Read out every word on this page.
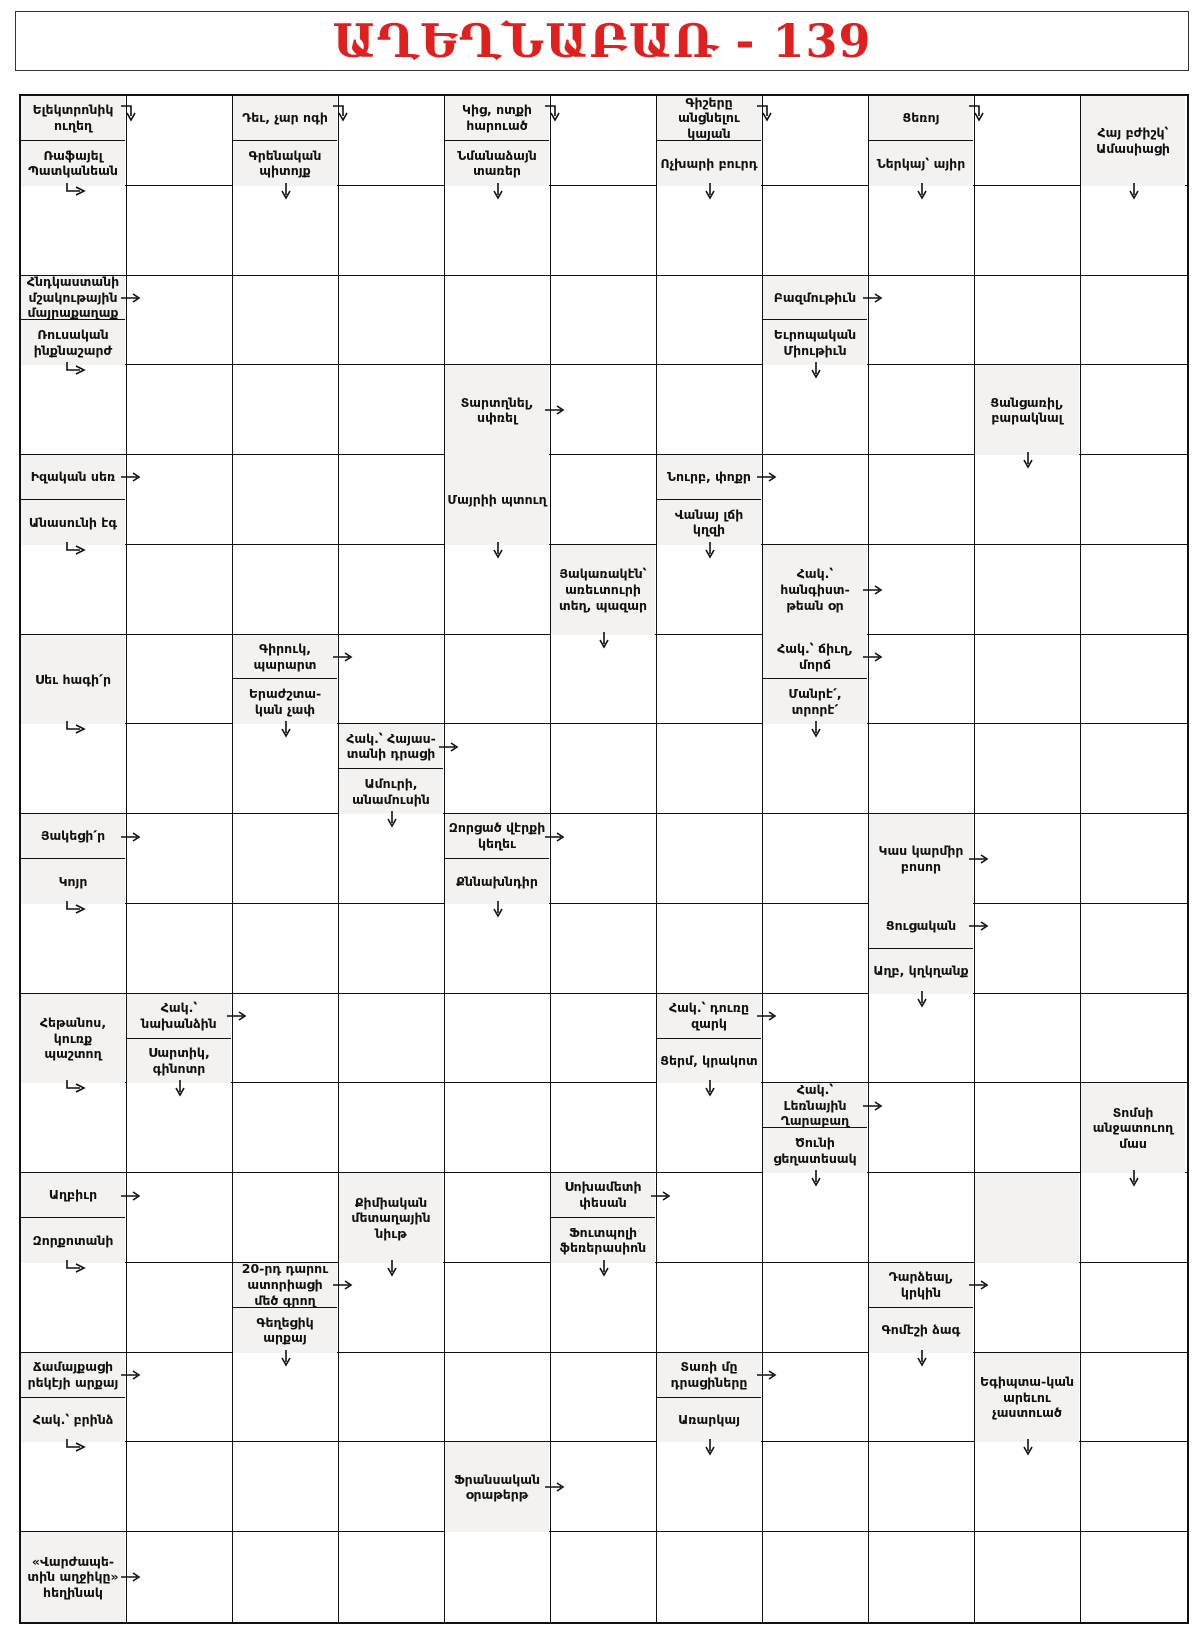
ԱՂԵՂՆԱԲԱՌ - 139
Ելեկտրոնիկ ուղեղ
Ռաֆայել Պատկանեան
Դեւ, չար ոգի
Գրենական պիտոյք
Կից, ոտքի հարուած
Նմանաձայն տառեր
Գիշերը անցնելու կայան
Ոչխարի բուրդ
Ցեռոյ
Ներկայ՝ այիր
Հայ բժիշկ՝ Ամասիացի
Հնդկաստանի մշակութային մայրաքաղաք
Ռուսական ինքնաշարժ
Բազմութիւն
Եւրոպական Միութիւն
Տարտղնել, սփռել
Ցանցառիլ, բարակնալ
Իզական սեռ
Անասունի էգ
Մայրիի պտուղ
Նուրբ, փոքր
Վանայ լճի կղզի
Յակառակէն՝ առեւտուրի տեղ, պազար
Հակ.՝ հանգիստ-թեան օր
Սեւ հագի՛ր
Գիրուկ, պարարտ
Երաժշտա-կան չափ
Հակ.՝ ճիւղ, մորճ
Մանրէ՛, տրորէ՛
Հակ.՝ Հայաս-տանի դրացի
Ամուրի, անամուսին
Յակեցի՛ր
Կոյր
Զորցած վէրքի կեղեւ
Քննախնդիր
Կաս կարմիր բոսոր
Ցուցական
Աղբ, կղկղանք
Հեթանոս, կուռք պաշտող
Հակ.՝ նախանձին
Սարտիկ, գինոտր
Հակ.՝ դուռը զարկ
Ցերմ, կրակոտ
Հակ.՝ Լեռնային Ղարաբաղ
Ծունի ցեղատեսակ
Տոմսի անջատուող մաս
Աղբիւր
Զորքոտանի
Քիմիական մետաղային նիւթ
Սոխամետի փեսան
Ֆուտպոլի ֆեռերասիոն
20-րդ դարու ատորիացի մեծ գրող
Գեղեցիկ արքայ
Դարձեալ, կրկին
Գոմէշի ձագ
Ճամայքացի րեկէյի արքայ
Հակ.՝ բրինձ
Տառի մը դրացիները
Առարկայ
Եգիպտա-կան արեւու չաստուած
Ֆրանսական օրաթերթ
«Վարժապե-տին աղջիկը» հեղինակ
